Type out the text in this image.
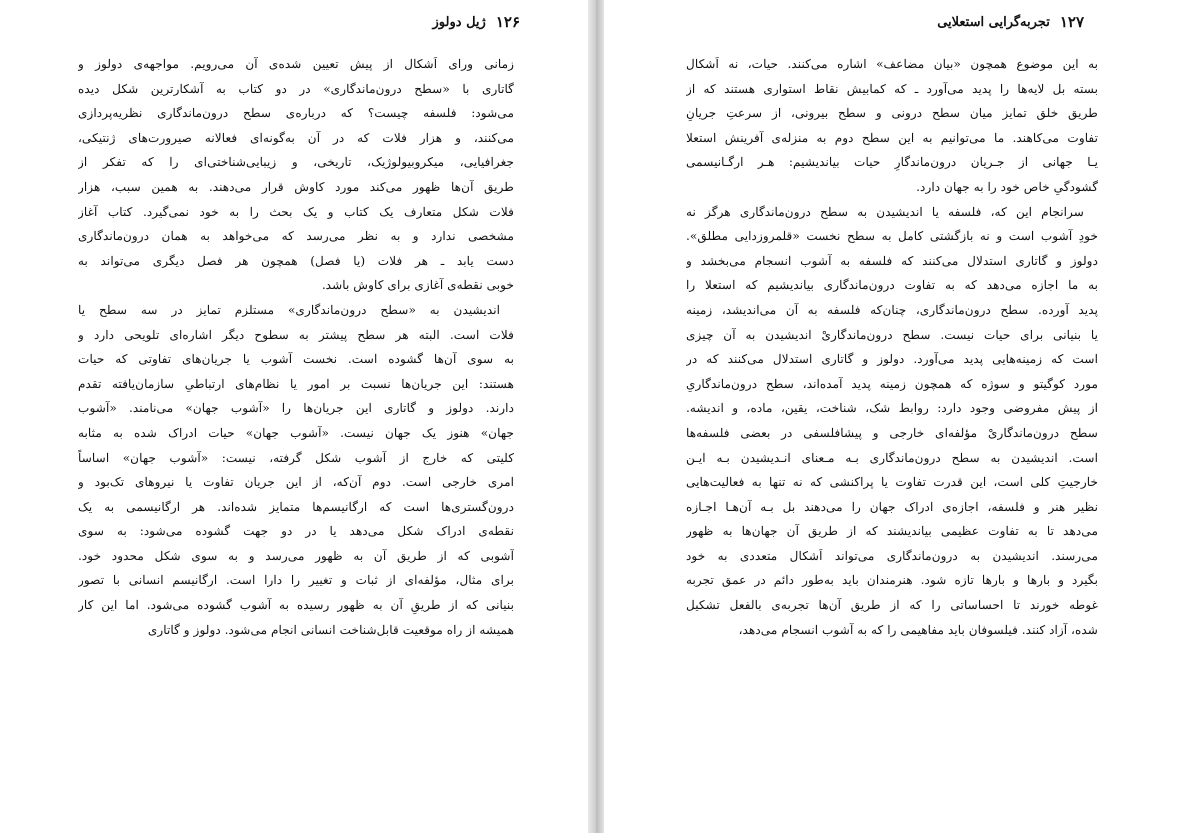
۱۲۶
ژیل دولوز

زمانی ورای اَشکال از پیش تعیین شده‌ی آن می‌رویم. مواجهه‌ی دولوز و
گاتاری با «سطح درون‌ماندگاری» در دو کتاب به آشکارترین شکل دیده
می‌شود: فلسفه چیست؟ که درباره‌ی سطح درون‌ماندگاری نظریه‌پردازی
می‌کنند، و هزار فلات که در آن به‌گونه‌ای فعالانه صیرورت‌های ژنتیکی،
جغرافیایی، میکروبیولوژیک، تاریخی، و زیبایی‌شناختی‌ای را که تفکر از
طریق آن‌ها ظهور می‌کند مورد کاوش قرار می‌دهند. به همین سبب، هزار
فلات شکل متعارف یک کتاب و یک بحث را به خود نمی‌گیرد. کتاب آغاز
مشخصی ندارد و به نظر می‌رسد که می‌خواهد به همان درون‌ماندگاری
دست یابد ـ هر فلات (یا فصل) همچون هر فصل دیگری می‌تواند به
خوبی نقطه‌ی آغازی برای کاوش باشد.

اندیشیدن به «سطح درون‌ماندگاری» مستلزم تمایز در سه سطح یا
فلات است. البته هر سطح پیشتر به سطوح دیگر اشاره‌ای تلویحی دارد و
به سوی آن‌ها گشوده است. نخست آشوب یا جریان‌های تفاوتی که حیات
هستند: این جریان‌ها نسبت بر امور یا نظام‌های ارتباطیِ سازمان‌یافته تقدم
دارند. دولوز و گاتاری این جریان‌ها را «آشوب جهان» می‌نامند. «آشوب
جهان» هنوز یک جهان نیست. «آشوب جهان» حیات ادراک شده به مثابه
کلیتی که خارج از آشوب شکل گرفته، نیست: «آشوب جهان» اساساً
امری خارجی است. دوم آن‌که، از این جریان تفاوت یا نیروهای تک‌بود و
درون‌گستری‌ها است که ارگانیسم‌ها متمایز شده‌اند. هر ارگانیسمی به یک
نقطه‌ی ادراک شکل می‌دهد یا در دو جهت گشوده می‌شود: به سوی
آشوبی که از طریق آن به ظهور می‌رسد و به سوی شکل محدود خود.
برای مثال، مؤلفه‌ای از ثبات و تغییر را دارا است. ارگانیسم انسانی با تصور
بنیانی که از طریقِ آن به ظهور رسیده به آشوب گشوده می‌شود. اما این کار
همیشه از راه موقعیت قابل‌شناخت انسانی انجام می‌شود. دولوز و گاتاری

۱۲۷
تجربه‌گرایی استعلایی

به این موضوع همچون «بیان مضاعف» اشاره می‌کنند. حیات، نه اَشکال
بسته بل لایه‌ها را پدید می‌آورد ـ که کمابیش نقاط استواری هستند که از
طریق خلق تمایز میان سطح درونی و سطح بیرونی، از سرعتِ جریانِ
تفاوت می‌کاهند. ما می‌توانیم به این سطح دوم به منزله‌ی آفرینش استعلا
یـا جهانی از جـریان درون‌ماندگارِ حیات بیاندیشیم: هـر ارگـانیسمی
گشودگیِ خاص خود را به جهان دارد.

سرانجام این که، فلسفه یا اندیشیدن به سطح درون‌ماندگاری هرگز نه
خودِ آشوب است و نه بازگشتی کامل به سطح نخست «قلمروزدایی مطلق».
دولوز و گاتاری استدلال می‌کنند که فلسفه به آشوب انسجام می‌بخشد و
به ما اجازه می‌دهد که به تفاوت درون‌ماندگاری بیاندیشیم که استعلا را
پدید آورده. سطح درون‌ماندگاری، چنان‌که فلسفه به آن می‌اندیشد، زمینه
یا بنیانی برای حیات نیست. سطح درون‌ماندگاریْ اندیشیدن به آن چیزی
است که زمینه‌هایی پدید می‌آورد. دولوز و گاتاری استدلال می‌کنند که در
مورد کوگیتو و سوژه که همچون زمینه پدید آمده‌اند، سطح درون‌ماندگاریِ
از پیش مفروضی وجود دارد: روابط شک، شناخت، یقین، ماده، و اندیشه.
سطح درون‌ماندگاریْ مؤلفه‌ای خارجی و پیشافلسفی در بعضی فلسفه‌ها
است. اندیشیدن به سطح درون‌ماندگاری بـه مـعنای انـدیشیدن بـه ایـن
خارجیتِ کلی است، این قدرت تفاوت یا پراکنشی که نه تنها به فعالیت‌هایی
نظیر هنر و فلسفه، اجازه‌ی ادراک جهان را می‌دهند بل بـه آن‌هـا اجـازه
می‌دهد تا به تفاوت عظیمی بیاندیشند که از طریق آن جهان‌ها به ظهور
می‌رسند. اندیشیدن به درون‌ماندگاری می‌تواند اَشکال متعددی به خود
بگیرد و بارها و بارها تازه شود. هنرمندان باید به‌طور دائم در عمق تجربه
غوطه خورند تا احساساتی را که از طریق آن‌ها تجربه‌ی بالفعل تشکیل
شده، آزاد کنند. فیلسوفان باید مفاهیمی را که به آشوب انسجام می‌دهد،
